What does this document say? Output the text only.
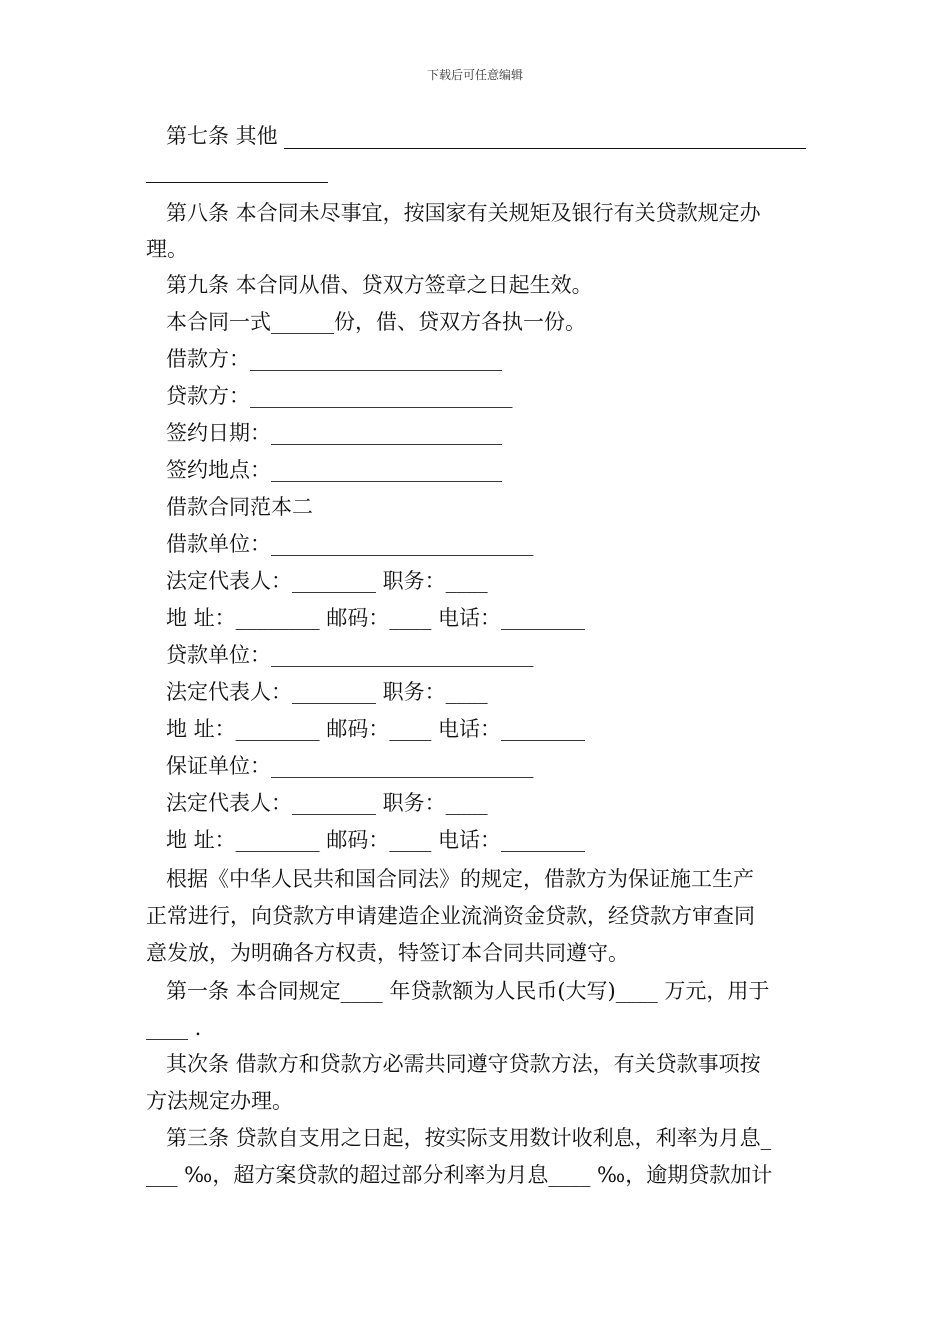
下载后可任意编辑
第七条 其他
第八条 本合同未尽事宜，按国家有关规矩及银行有关贷款规定办
理。
第九条 本合同从借、贷双方签章之日起生效。
本合同一式______份，借、贷双方各执一份。
借款方：________________________
贷款方：_________________________
签约日期：______________________
签约地点：______________________
借款合同范本二
借款单位：_________________________
法定代表人：________ 职务：____
地 址：________ 邮码：____ 电话：________
贷款单位：_________________________
法定代表人：________ 职务：____
地 址：________ 邮码：____ 电话：________
保证单位：_________________________
法定代表人：________ 职务：____
地 址：________ 邮码：____ 电话：________
根据《中华人民共和国合同法》的规定，借款方为保证施工生产
正常进行，向贷款方申请建造企业流淌资金贷款，经贷款方审查同
意发放，为明确各方权责，特签订本合同共同遵守。
第一条 本合同规定____ 年贷款额为人民币(大写)____ 万元，用于
____ .
其次条 借款方和贷款方必需共同遵守贷款方法，有关贷款事项按
方法规定办理。
第三条 贷款自支用之日起，按实际支用数计收利息，利率为月息_
___ ‰，超方案贷款的超过部分利率为月息____ ‰，逾期贷款加计
